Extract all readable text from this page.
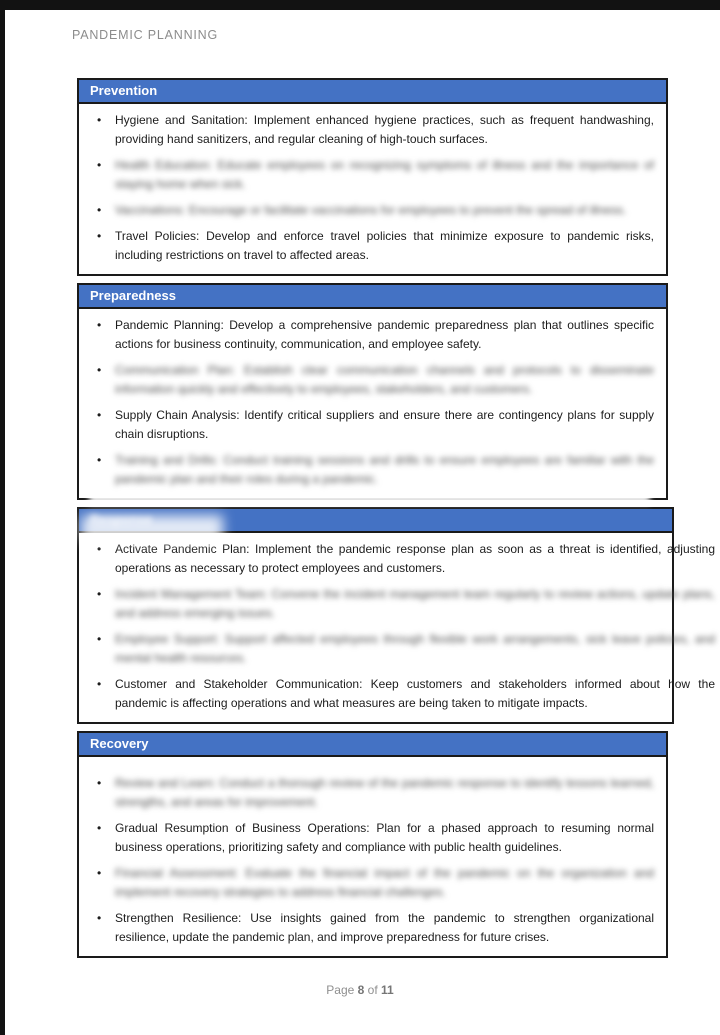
PANDEMIC PLANNING
Prevention
•

Hygiene and Sanitation: Implement enhanced hygiene practices, such as frequent handwashing, providing hand sanitizers, and regular cleaning of high-touch surfaces.

•

Health Education: Educate employees on recognizing symptoms of illness and the importance of staying home when sick.

•

Vaccinations: Encourage or facilitate vaccinations for employees to prevent the spread of illness.

•

Travel Policies: Develop and enforce travel policies that minimize exposure to pandemic risks, including restrictions on travel to affected areas.

Preparedness
•

Pandemic Planning: Develop a comprehensive pandemic preparedness plan that outlines specific actions for business continuity, communication, and employee safety.

•

Communication Plan: Establish clear communication channels and protocols to disseminate information quickly and effectively to employees, stakeholders, and customers.

•

Supply Chain Analysis: Identify critical suppliers and ensure there are contingency plans for supply chain disruptions.

•

Training and Drills: Conduct training sessions and drills to ensure employees are familiar with the pandemic plan and their roles during a pandemic.

Response
•

Activate Pandemic Plan: Implement the pandemic response plan as soon as a threat is identified, adjusting operations as necessary to protect employees and customers.

•

Incident Management Team: Convene the incident management team regularly to review actions, update plans, and address emerging issues.

•

Employee Support: Support affected employees through flexible work arrangements, sick leave policies, and mental health resources.

•

Customer and Stakeholder Communication: Keep customers and stakeholders informed about how the pandemic is affecting operations and what measures are being taken to mitigate impacts.

Recovery
•

Review and Learn: Conduct a thorough review of the pandemic response to identify lessons learned, strengths, and areas for improvement.

•

Gradual Resumption of Business Operations: Plan for a phased approach to resuming normal business operations, prioritizing safety and compliance with public health guidelines.

•

Financial Assessment: Evaluate the financial impact of the pandemic on the organization and implement recovery strategies to address financial challenges.

•

Strengthen Resilience: Use insights gained from the pandemic to strengthen organizational resilience, update the pandemic plan, and improve preparedness for future crises.

Page 8 of 11
